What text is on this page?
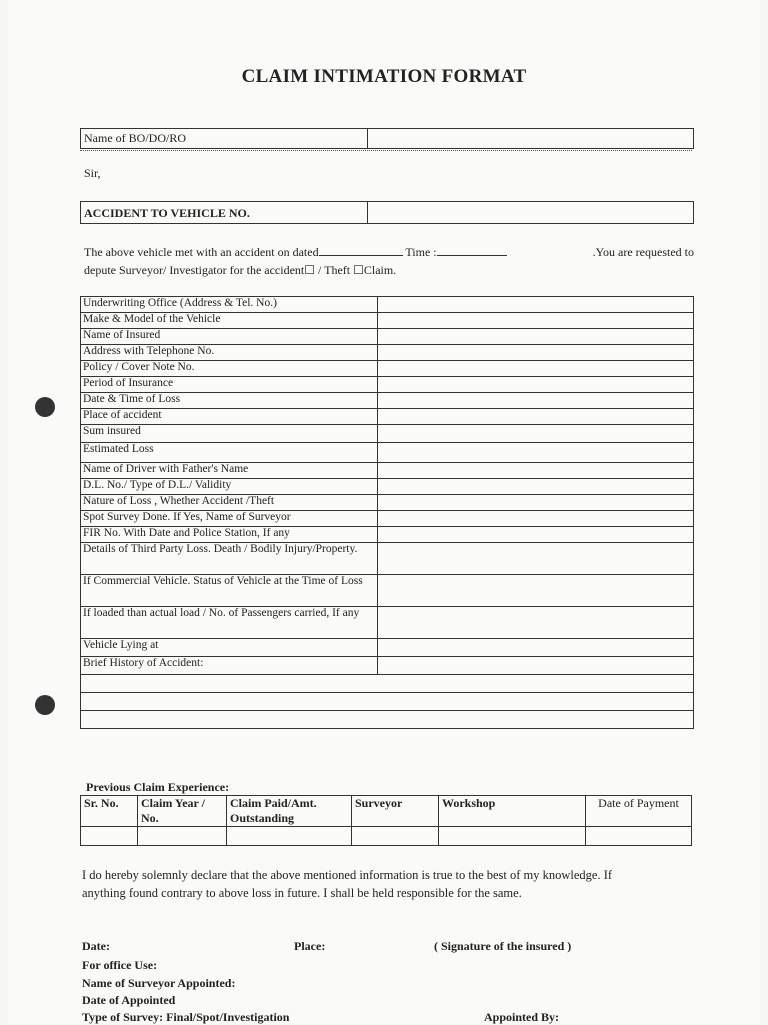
CLAIM INTIMATION FORMAT
Name of BO/DO/RO
Sir,
ACCIDENT TO VEHICLE NO.
The above vehicle met with an accident on dated	Time :	.You are requested to
depute Surveyor/ Investigator for the accident☐ / Theft ☐Claim.
Underwriting Office (Address & Tel. No.)	
Make & Model of the Vehicle	
Name of Insured	
Address with Telephone No.	
Policy / Cover Note No.	
Period of Insurance	
Date & Time of Loss	
Place of accident	
Sum insured	
Estimated Loss	
Name of Driver with Father's Name	
D.L. No./ Type of D.L./ Validity	
Nature of Loss , Whether Accident /Theft	
Spot Survey Done. If Yes, Name of Surveyor	
FIR No. With Date and Police Station, If any	
Details of Third Party Loss. Death / Bodily Injury/Property.	
If Commercial Vehicle. Status of Vehicle at the Time of Loss	
If loaded than actual load / No. of Passengers carried, If any	
Vehicle Lying at	
Brief History of Accident:	

Previous Claim Experience:
Sr. No.	Claim Year / No.	Claim Paid/Amt. Outstanding	Surveyor	Workshop	Date of Payment

I do hereby solemnly declare that the above mentioned information is true to the best of my knowledge. If
anything found contrary to above loss in future. I shall be held responsible for the same.
Date:	Place:	( Signature of the insured )
For office Use:
Name of Surveyor Appointed:
Date of Appointed
Type of Survey: Final/Spot/Investigation	Appointed By:
